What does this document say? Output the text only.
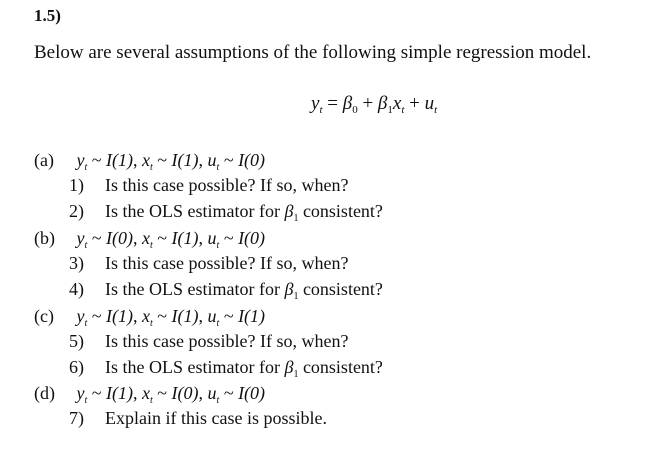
1.5)
Below are several assumptions of the following simple regression model.
$y_t = \beta_0 + \beta_1x_t + u_t$
(a) $y_t$ ~ I(1), $x_t$ ~ I(1), $u_t$ ~ I(0)
1) Is this case possible? If so, when?
2) Is the OLS estimator for $\beta_1$ consistent?
(b) $y_t$ ~ I(0), $x_t$ ~ I(1), $u_t$ ~ I(0)
3) Is this case possible? If so, when?
4) Is the OLS estimator for $\beta_1$ consistent?
(c) $y_t$ ~ I(1), $x_t$ ~ I(1), $u_t$ ~ I(1)
5) Is this case possible? If so, when?
6) Is the OLS estimator for $\beta_1$ consistent?
(d) $y_t$ ~ I(1), $x_t$ ~ I(0), $u_t$ ~ I(0)
7) Explain if this case is possible.
